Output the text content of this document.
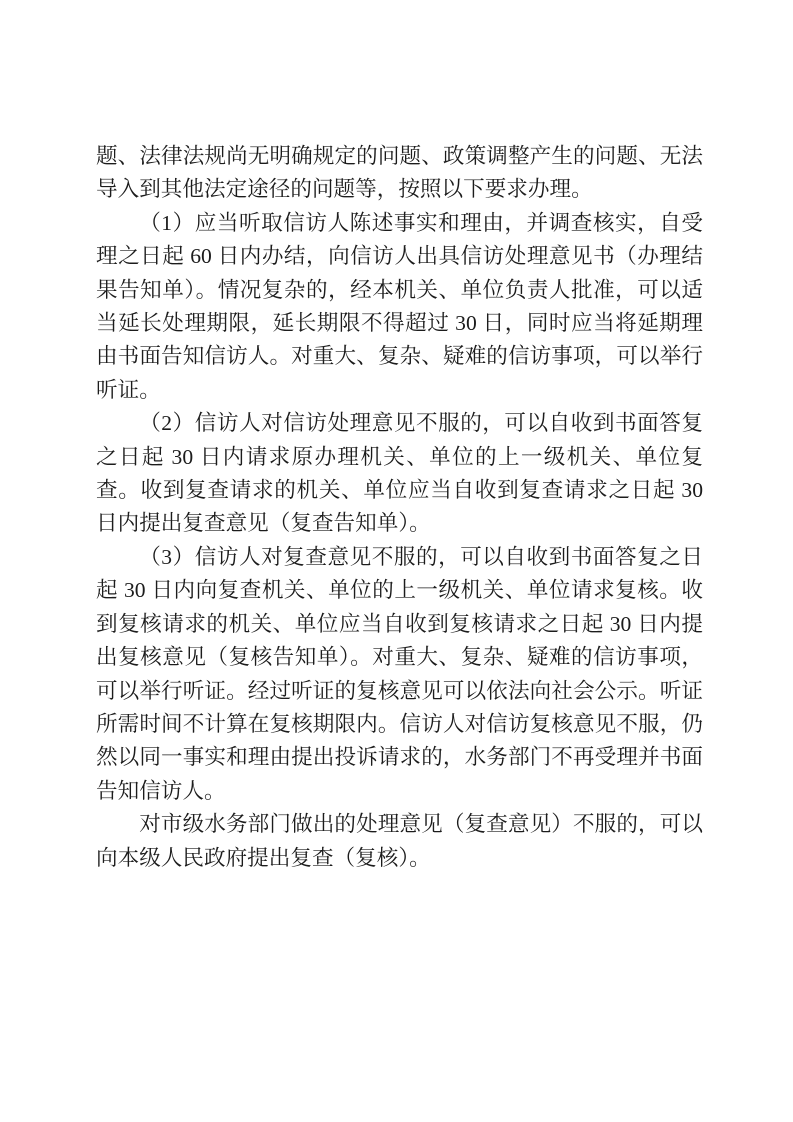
题、法律法规尚无明确规定的问题、政策调整产生的问题、无法导入到其他法定途径的问题等，按照以下要求办理。

（1）应当听取信访人陈述事实和理由，并调查核实，自受理之日起 60 日内办结，向信访人出具信访处理意见书（办理结果告知单）。情况复杂的，经本机关、单位负责人批准，可以适当延长处理期限，延长期限不得超过 30 日，同时应当将延期理由书面告知信访人。对重大、复杂、疑难的信访事项，可以举行听证。

（2）信访人对信访处理意见不服的，可以自收到书面答复之日起 30 日内请求原办理机关、单位的上一级机关、单位复查。收到复查请求的机关、单位应当自收到复查请求之日起 30 日内提出复查意见（复查告知单）。

（3）信访人对复查意见不服的，可以自收到书面答复之日起 30 日内向复查机关、单位的上一级机关、单位请求复核。收到复核请求的机关、单位应当自收到复核请求之日起 30 日内提出复核意见（复核告知单）。对重大、复杂、疑难的信访事项，可以举行听证。经过听证的复核意见可以依法向社会公示。听证所需时间不计算在复核期限内。信访人对信访复核意见不服，仍然以同一事实和理由提出投诉请求的，水务部门不再受理并书面告知信访人。

对市级水务部门做出的处理意见（复查意见）不服的，可以向本级人民政府提出复查（复核）。
